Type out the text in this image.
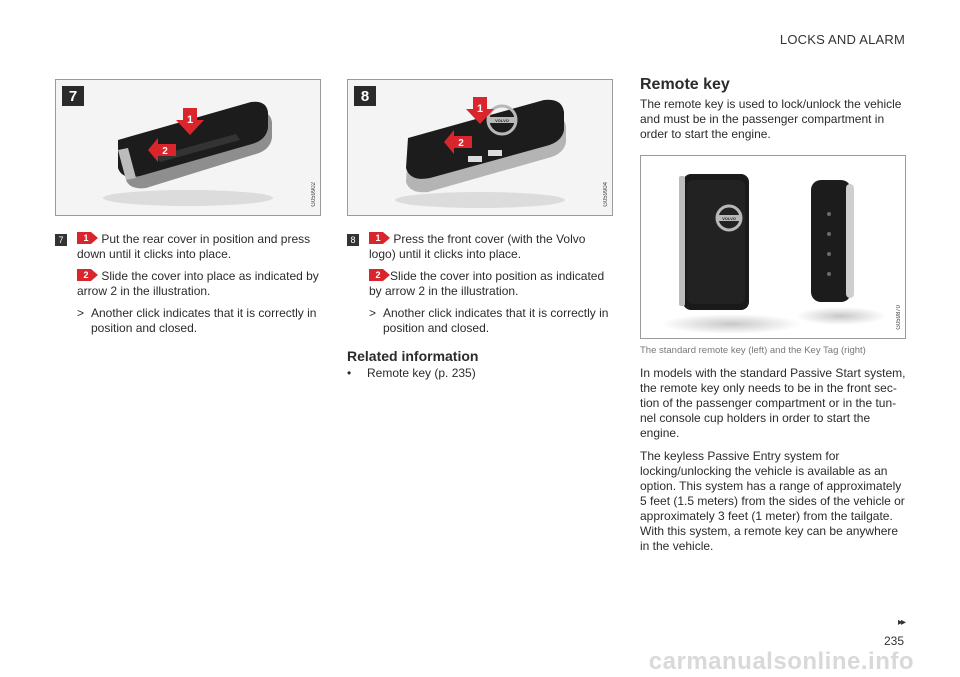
LOCKS AND ALARM
7
1
2
G059902
VOLVO
8
1
2
G059904
7	1 Put the rear cover in position and press down until it clicks into place.

2 Slide the cover into place as indicated by arrow 2 in the illustration.

> Another click indicates that it is correctly in position and closed.
8	1 Press the front cover (with the Volvo logo) until it clicks into place.

2 Slide the cover into position as indicated by arrow 2 in the illustration.

> Another click indicates that it is correctly in position and closed.
Related information
• Remote key (p. 235)
Remote key
The remote key is used to lock/unlock the vehicle and must be in the passenger compartment in order to start the engine.
VOLVO
G059870
The standard remote key (left) and the Key Tag (right)
In models with the standard Passive Start system, the remote key only needs to be in the front section of the passenger compartment or in the tunnel console cup holders in order to start the engine.
The keyless Passive Entry system for locking/unlocking the vehicle is available as an option. This system has a range of approximately 5 feet (1.5 meters) from the sides of the vehicle or approximately 3 feet (1 meter) from the tailgate. With this system, a remote key can be anywhere in the vehicle.
▸▸
235
carmanualsonline.info
